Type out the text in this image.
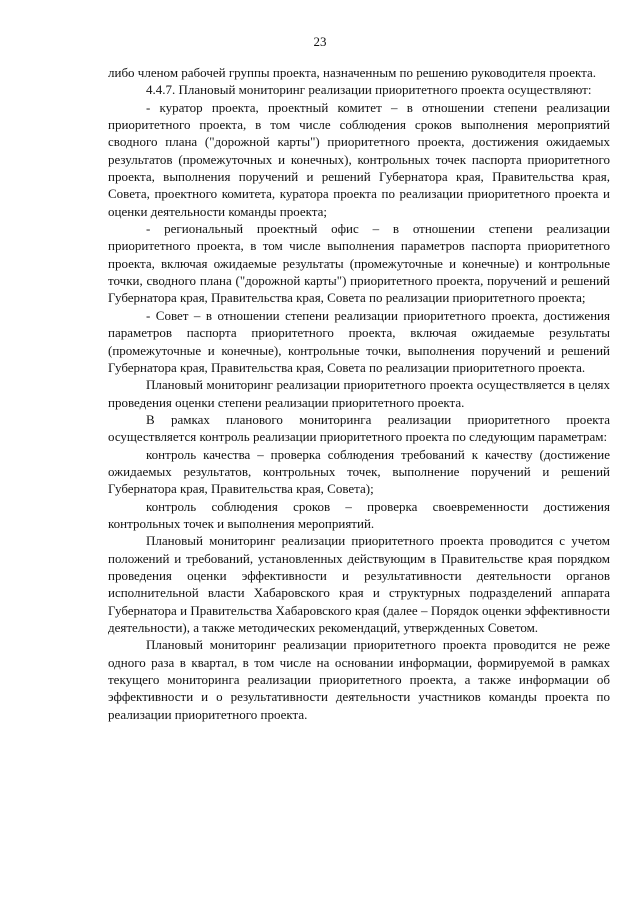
23

либо членом рабочей группы проекта, назначенным по решению руководителя проекта.

4.4.7. Плановый мониторинг реализации приоритетного проекта осуществляют:

- куратор проекта, проектный комитет – в отношении степени реализации приоритетного проекта, в том числе соблюдения сроков выполнения мероприятий сводного плана ("дорожной карты") приоритетного проекта, достижения ожидаемых результатов (промежуточных и конечных), контрольных точек паспорта приоритетного проекта, выполнения поручений и решений Губернатора края, Правительства края, Совета, проектного комитета, куратора проекта по реализации приоритетного проекта и оценки деятельности команды проекта;

- региональный проектный офис – в отношении степени реализации приоритетного проекта, в том числе выполнения параметров паспорта приоритетного проекта, включая ожидаемые результаты (промежуточные и конечные) и контрольные точки, сводного плана ("дорожной карты") приоритетного проекта, поручений и решений Губернатора края, Правительства края, Совета по реализации приоритетного проекта;

- Совет – в отношении степени реализации приоритетного проекта, достижения параметров паспорта приоритетного проекта, включая ожидаемые результаты (промежуточные и конечные), контрольные точки, выполнения поручений и решений Губернатора края, Правительства края, Совета по реализации приоритетного проекта.

Плановый мониторинг реализации приоритетного проекта осуществляется в целях проведения оценки степени реализации приоритетного проекта.

В рамках планового мониторинга реализации приоритетного проекта осуществляется контроль реализации приоритетного проекта по следующим параметрам:

контроль качества – проверка соблюдения требований к качеству (достижение ожидаемых результатов, контрольных точек, выполнение поручений и решений Губернатора края, Правительства края, Совета);

контроль соблюдения сроков – проверка своевременности достижения контрольных точек и выполнения мероприятий.

Плановый мониторинг реализации приоритетного проекта проводится с учетом положений и требований, установленных действующим в Правительстве края порядком проведения оценки эффективности и результативности деятельности органов исполнительной власти Хабаровского края и структурных подразделений аппарата Губернатора и Правительства Хабаровского края (далее – Порядок оценки эффективности деятельности), а также методических рекомендаций, утвержденных Советом.

Плановый мониторинг реализации приоритетного проекта проводится не реже одного раза в квартал, в том числе на основании информации, формируемой в рамках текущего мониторинга реализации приоритетного проекта, а также информации об эффективности и о результативности деятельности участников команды проекта по реализации приоритетного проекта.
